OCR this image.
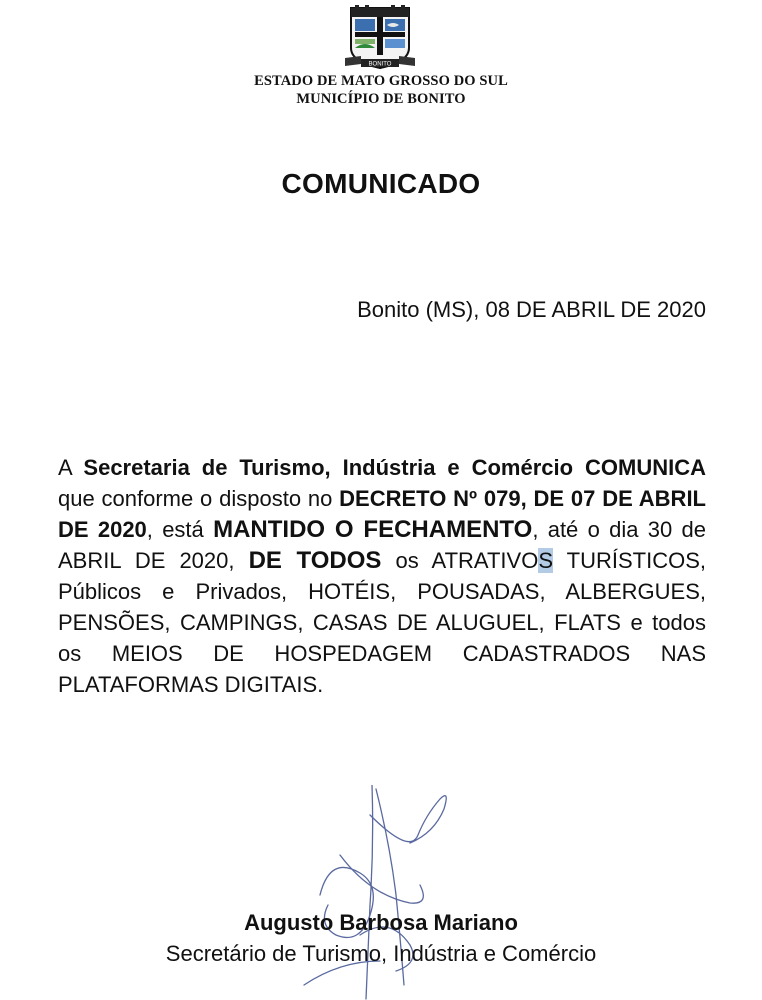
BONITO
ESTADO DE MATO GROSSO DO SUL
MUNICÍPIO DE BONITO
COMUNICADO
Bonito (MS), 08 DE ABRIL DE 2020
A Secretaria de Turismo, Indústria e Comércio COMUNICA que conforme o disposto no DECRETO Nº 079, DE 07 DE ABRIL DE 2020, está MANTIDO O FECHAMENTO, até o dia 30 de ABRIL DE 2020, DE TODOS os ATRATIVOS TURÍSTICOS, Públicos e Privados, HOTÉIS, POUSADAS, ALBERGUES, PENSÕES, CAMPINGS, CASAS DE ALUGUEL, FLATS e todos os MEIOS DE HOSPEDAGEM CADASTRADOS NAS PLATAFORMAS DIGITAIS.
Augusto Barbosa Mariano
Secretário de Turismo, Indústria e Comércio
